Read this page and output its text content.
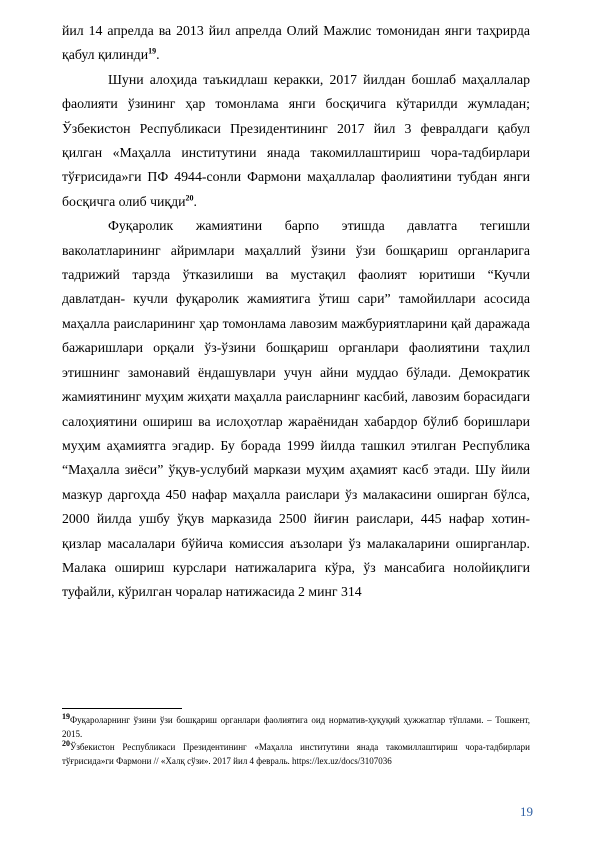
йил 14 апрелда ва 2013 йил апрелда Олий Мажлис томонидан янги таҳрирда қабул қилинди$^{19}$.

Шуни алоҳида таъкидлаш керакки, 2017 йилдан бошлаб маҳаллалар фаолияти ўзининг ҳар томонлама янги босқичига кўтарилди жумладан; Ўзбекистон Республикаси Президентининг 2017 йил 3 февралдаги қабул қилган «Маҳалла институтини янада такомиллаштириш чора-тадбирлари тўғрисида»ги ПФ 4944-сонли Фармони маҳаллалар фаолиятини тубдан янги босқичга олиб чиқди$^{20}$.

Фуқаролик жамиятини барпо этишда давлатга тегишли ваколатларининг айримлари маҳаллий ўзини ўзи бошқариш органларига тадрижий тарзда ўтказилиши ва мустақил фаолият юритиши “Кучли давлатдан- кучли фуқаролик жамиятига ўтиш сари” тамойиллари асосида маҳалла раисларининг ҳар томонлама лавозим мажбуриятларини қай даражада бажаришлари орқали ўз-ўзини бошқариш органлари фаолиятини таҳлил этишнинг замонавий ёндашувлари учун айни муддао бўлади. Демократик жамиятининг муҳим жиҳати маҳалла раисларнинг касбий, лавозим борасидаги салоҳиятини ошириш ва ислоҳотлар жараёнидан хабардор бўлиб боришлари муҳим аҳамиятга эгадир. Бу борада 1999 йилда ташкил этилган Республика “Маҳалла зиёси” ўқув-услубий маркази муҳим аҳамият касб этади. Шу йили мазкур даргоҳда 450 нафар маҳалла раислари ўз малакасини оширган бўлса, 2000 йилда ушбу ўқув марказида 2500 йиғин раислари, 445 нафар хотин-қизлар масалалари бўйича комиссия аъзолари ўз малакаларини оширганлар. Малака ошириш курслари натижаларига кўра, ўз мансабига нолойиқлиги туфайли, кўрилган чоралар натижасида 2 минг 314

$^{19}$Фуқароларнинг ўзини ўзи бошқариш органлари фаолиятига оид норматив-ҳуқуқий ҳужжатлар тўплами. – Тошкент, 2015.

$^{20}$Ўзбекистон Республикаси Президентининг «Маҳалла институтини янада такомиллаштириш чора-тадбирлари тўғрисида»ги Фармони // «Халқ сўзи». 2017 йил 4 февраль. https://lex.uz/docs/3107036

19
